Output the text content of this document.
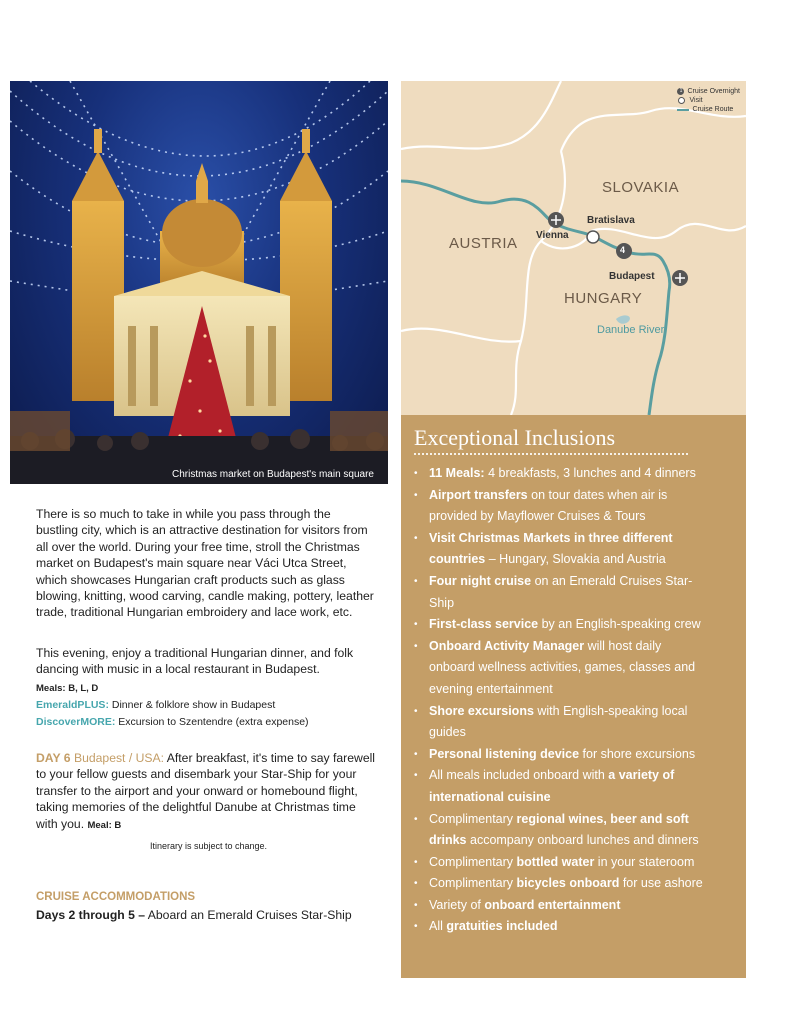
Christmas market on Budapest's main square
1 Cruise Overnight
Visit
Cruise Route
SLOVAKIA
AUSTRIA
HUNGARY
Vienna
Bratislava
4
Budapest
Danube River
Exceptional Inclusions
• 11 Meals: 4 breakfasts, 3 lunches and 4 dinners
• Airport transfers on tour dates when air is provided by Mayflower Cruises & Tours
• Visit Christmas Markets in three different countries – Hungary, Slovakia and Austria
• Four night cruise on an Emerald Cruises Star-Ship
• First-class service by an English-speaking crew
• Onboard Activity Manager will host daily onboard wellness activities, games, classes and evening entertainment
• Shore excursions with English-speaking local guides
• Personal listening device for shore excursions
• All meals included onboard with a variety of international cuisine
• Complimentary regional wines, beer and soft drinks accompany onboard lunches and dinners
• Complimentary bottled water in your stateroom
• Complimentary bicycles onboard for use ashore
• Variety of onboard entertainment
• All gratuities included
There is so much to take in while you pass through the bustling city, which is an attractive destination for visitors from all over the world. During your free time, stroll the Christmas market on Budapest's main square near Váci Utca Street, which showcases Hungarian craft products such as glass blowing, knitting, wood carving, candle making, pottery, leather trade, traditional Hungarian embroidery and lace work, etc.
This evening, enjoy a traditional Hungarian dinner, and folk dancing with music in a local restaurant in Budapest.
Meals: B, L, D
EmeraldPLUS: Dinner & folklore show in Budapest
DiscoverMORE: Excursion to Szentendre (extra expense)
DAY 6 Budapest / USA: After breakfast, it's time to say farewell to your fellow guests and disembark your Star-Ship for your transfer to the airport and your onward or homebound flight, taking memories of the delightful Danube at Christmas time with you. Meal: B
Itinerary is subject to change.
CRUISE ACCOMMODATIONS
Days 2 through 5 – Aboard an Emerald Cruises Star-Ship
